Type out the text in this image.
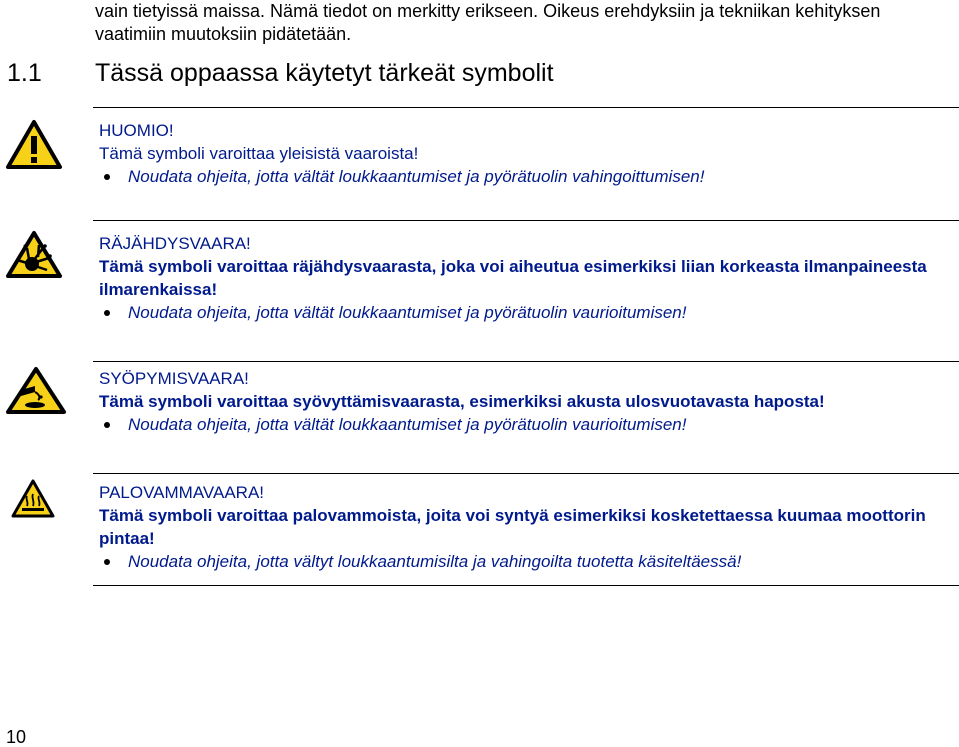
vain tietyissä maissa. Nämä tiedot on merkitty erikseen. Oikeus erehdyksiin ja tekniikan kehityksen
vaatimiin muutoksiin pidätetään.
1.1 Tässä oppaassa käytetyt tärkeät symbolit
HUOMIO!
Tämä symboli varoittaa yleisistä vaaroista!
Noudata ohjeita, jotta vältät loukkaantumiset ja pyörätuolin vahingoittumisen!
RÄJÄHDYSVAARA!
Tämä symboli varoittaa räjähdysvaarasta, joka voi aiheutua esimerkiksi liian korkeasta ilmanpaineesta ilmarenkaissa!
Noudata ohjeita, jotta vältät loukkaantumiset ja pyörätuolin vaurioitumisen!
SYÖPYMISVAARA!
Tämä symboli varoittaa syövyttämisvaarasta, esimerkiksi akusta ulosvuotavasta haposta!
Noudata ohjeita, jotta vältät loukkaantumiset ja pyörätuolin vaurioitumisen!
PALOVAMMAVAARA!
Tämä symboli varoittaa palovammoista, joita voi syntyä esimerkiksi kosketettaessa kuumaa moottorin pintaa!
Noudata ohjeita, jotta vältyt loukkaantumisilta ja vahingoilta tuotetta käsiteltäessä!
10
